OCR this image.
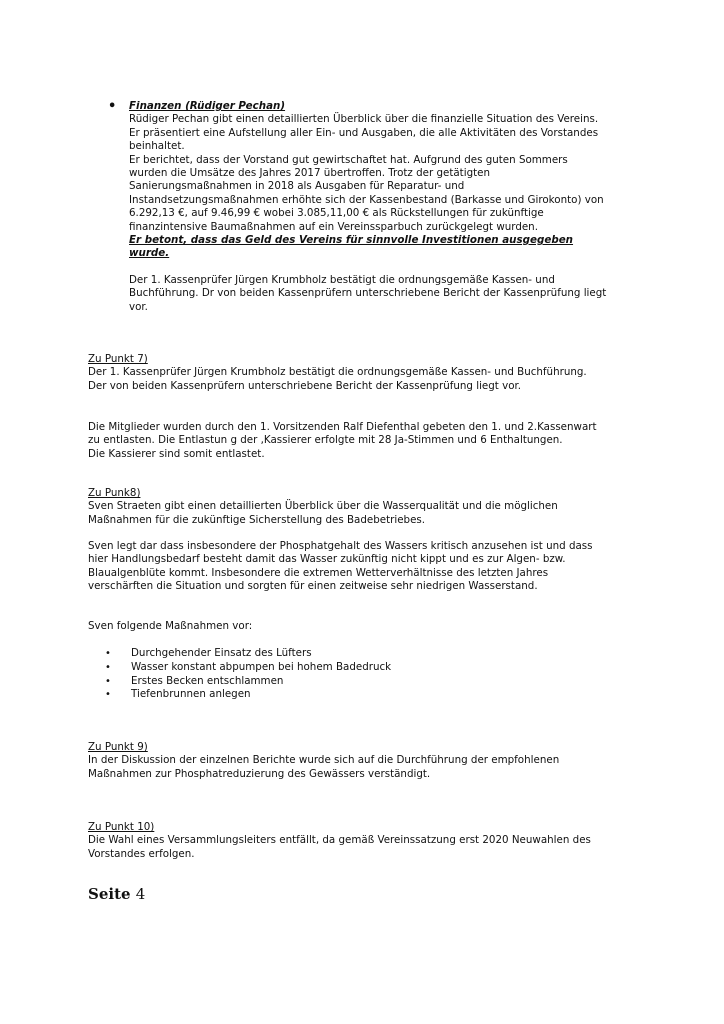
• Finanzen (Rüdiger Pechan)
Rüdiger Pechan gibt einen detaillierten Überblick über die finanzielle Situation des Vereins.
Er präsentiert eine Aufstellung aller Ein- und Ausgaben, die alle Aktivitäten des Vorstandes
beinhaltet.
Er berichtet, dass der Vorstand gut gewirtschaftet hat. Aufgrund des guten Sommers
wurden die Umsätze des Jahres 2017 übertroffen. Trotz der getätigten
Sanierungsmaßnahmen in 2018 als Ausgaben für Reparatur- und
Instandsetzungsmaßnahmen erhöhte sich der Kassenbestand (Barkasse und Girokonto) von
6.292,13 €, auf 9.46,99 € wobei 3.085,11,00 € als Rückstellungen für zukünftige
finanzintensive Baumaßnahmen auf ein Vereinssparbuch zurückgelegt wurden.
Er betont, dass das Geld des Vereins für sinnvolle Investitionen ausgegeben
wurde.
Der 1. Kassenprüfer Jürgen Krumbholz bestätigt die ordnungsgemäße Kassen- und
Buchführung. Dr von beiden Kassenprüfern unterschriebene Bericht der Kassenprüfung liegt
vor.
Zu Punkt 7)
Der 1. Kassenprüfer Jürgen Krumbholz bestätigt die ordnungsgemäße Kassen- und Buchführung.
Der von beiden Kassenprüfern unterschriebene Bericht der Kassenprüfung liegt vor.
Die Mitglieder wurden durch den 1. Vorsitzenden Ralf Diefenthal gebeten den 1. und 2.Kassenwart
zu entlasten. Die Entlastun g der ,Kassierer erfolgte mit 28 Ja-Stimmen und 6 Enthaltungen.
Die Kassierer sind somit entlastet.
Zu Punk8)
Sven Straeten gibt einen detaillierten Überblick über die Wasserqualität und die möglichen
Maßnahmen für die zukünftige Sicherstellung des Badebetriebes.
Sven legt dar dass insbesondere der Phosphatgehalt des Wassers kritisch anzusehen ist und dass
hier Handlungsbedarf besteht damit das Wasser zukünftig nicht kippt und es zur Algen- bzw.
Blaualgenblüte kommt. Insbesondere die extremen Wetterverhältnisse des letzten Jahres
verschärften die Situation und sorgten für einen zeitweise sehr niedrigen Wasserstand.
Sven folgende Maßnahmen vor:
• Durchgehender Einsatz des Lüfters
• Wasser konstant abpumpen bei hohem Badedruck
• Erstes Becken entschlammen
• Tiefenbrunnen anlegen
Zu Punkt 9)
In der Diskussion der einzelnen Berichte wurde sich auf die Durchführung der empfohlenen
Maßnahmen zur Phosphatreduzierung des Gewässers verständigt.
Zu Punkt 10)
Die Wahl eines Versammlungsleiters entfällt, da gemäß Vereinssatzung erst 2020 Neuwahlen des
Vorstandes erfolgen.
Seite 4
